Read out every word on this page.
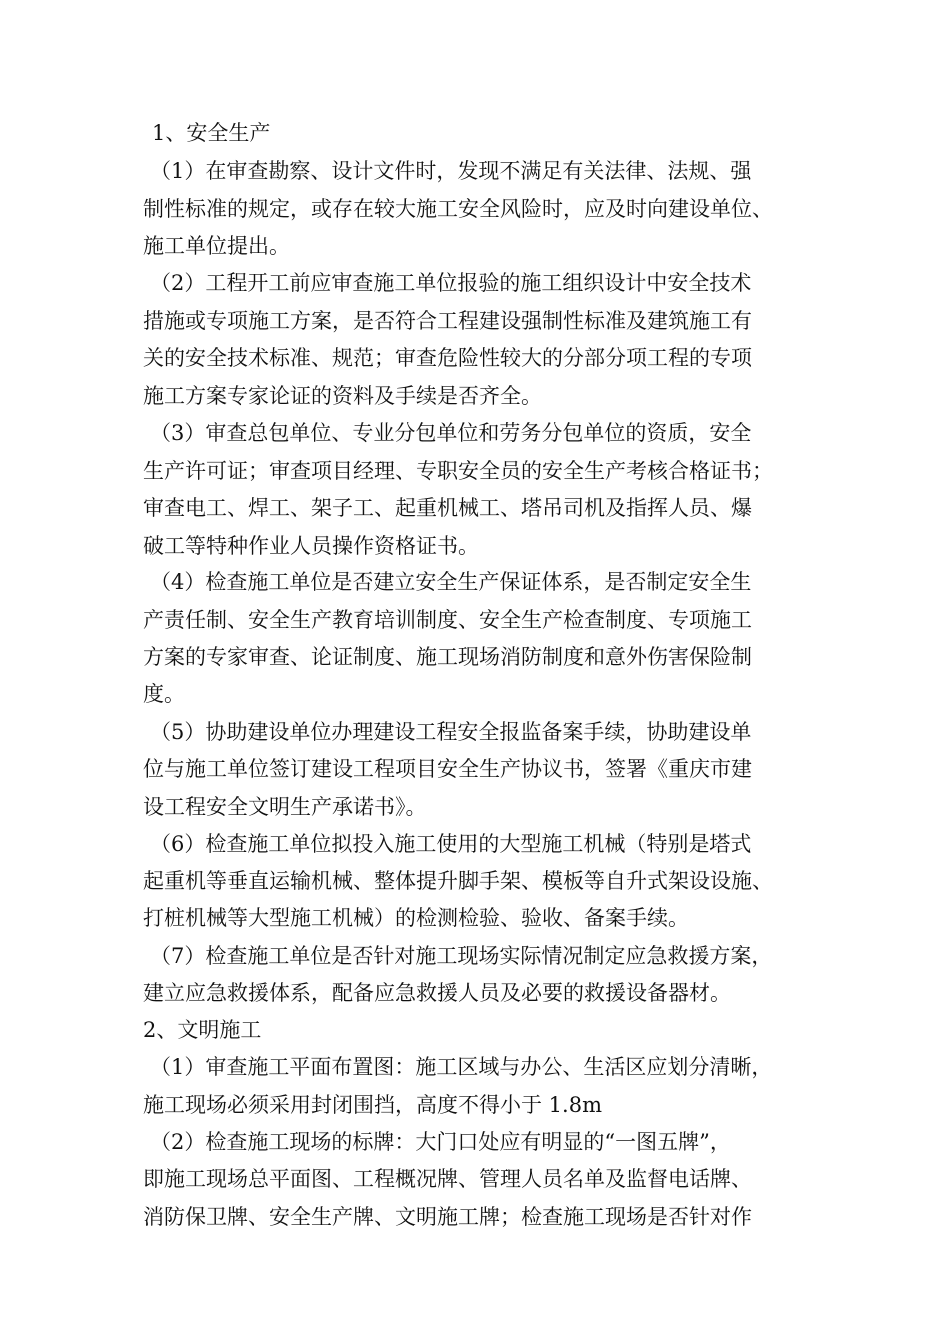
1、安全生产
（1）在审查勘察、设计文件时，发现不满足有关法律、法规、强
制性标准的规定，或存在较大施工安全风险时，应及时向建设单位、
施工单位提出。
（2）工程开工前应审查施工单位报验的施工组织设计中安全技术
措施或专项施工方案，是否符合工程建设强制性标准及建筑施工有
关的安全技术标准、规范；审查危险性较大的分部分项工程的专项
施工方案专家论证的资料及手续是否齐全。
（3）审查总包单位、专业分包单位和劳务分包单位的资质，安全
生产许可证；审查项目经理、专职安全员的安全生产考核合格证书；
审查电工、焊工、架子工、起重机械工、塔吊司机及指挥人员、爆
破工等特种作业人员操作资格证书。
（4）检查施工单位是否建立安全生产保证体系，是否制定安全生
产责任制、安全生产教育培训制度、安全生产检查制度、专项施工
方案的专家审查、论证制度、施工现场消防制度和意外伤害保险制
度。
（5）协助建设单位办理建设工程安全报监备案手续，协助建设单
位与施工单位签订建设工程项目安全生产协议书，签署《重庆市建
设工程安全文明生产承诺书》。
（6）检查施工单位拟投入施工使用的大型施工机械（特别是塔式
起重机等垂直运输机械、整体提升脚手架、模板等自升式架设设施、
打桩机械等大型施工机械）的检测检验、验收、备案手续。
（7）检查施工单位是否针对施工现场实际情况制定应急救援方案，
建立应急救援体系，配备应急救援人员及必要的救援设备器材。
2、文明施工
（1）审查施工平面布置图：施工区域与办公、生活区应划分清晰，
施工现场必须采用封闭围挡，高度不得小于 1.8m
（2）检查施工现场的标牌：大门口处应有明显的“一图五牌”，
即施工现场总平面图、工程概况牌、管理人员名单及监督电话牌、
消防保卫牌、安全生产牌、文明施工牌；检查施工现场是否针对作
